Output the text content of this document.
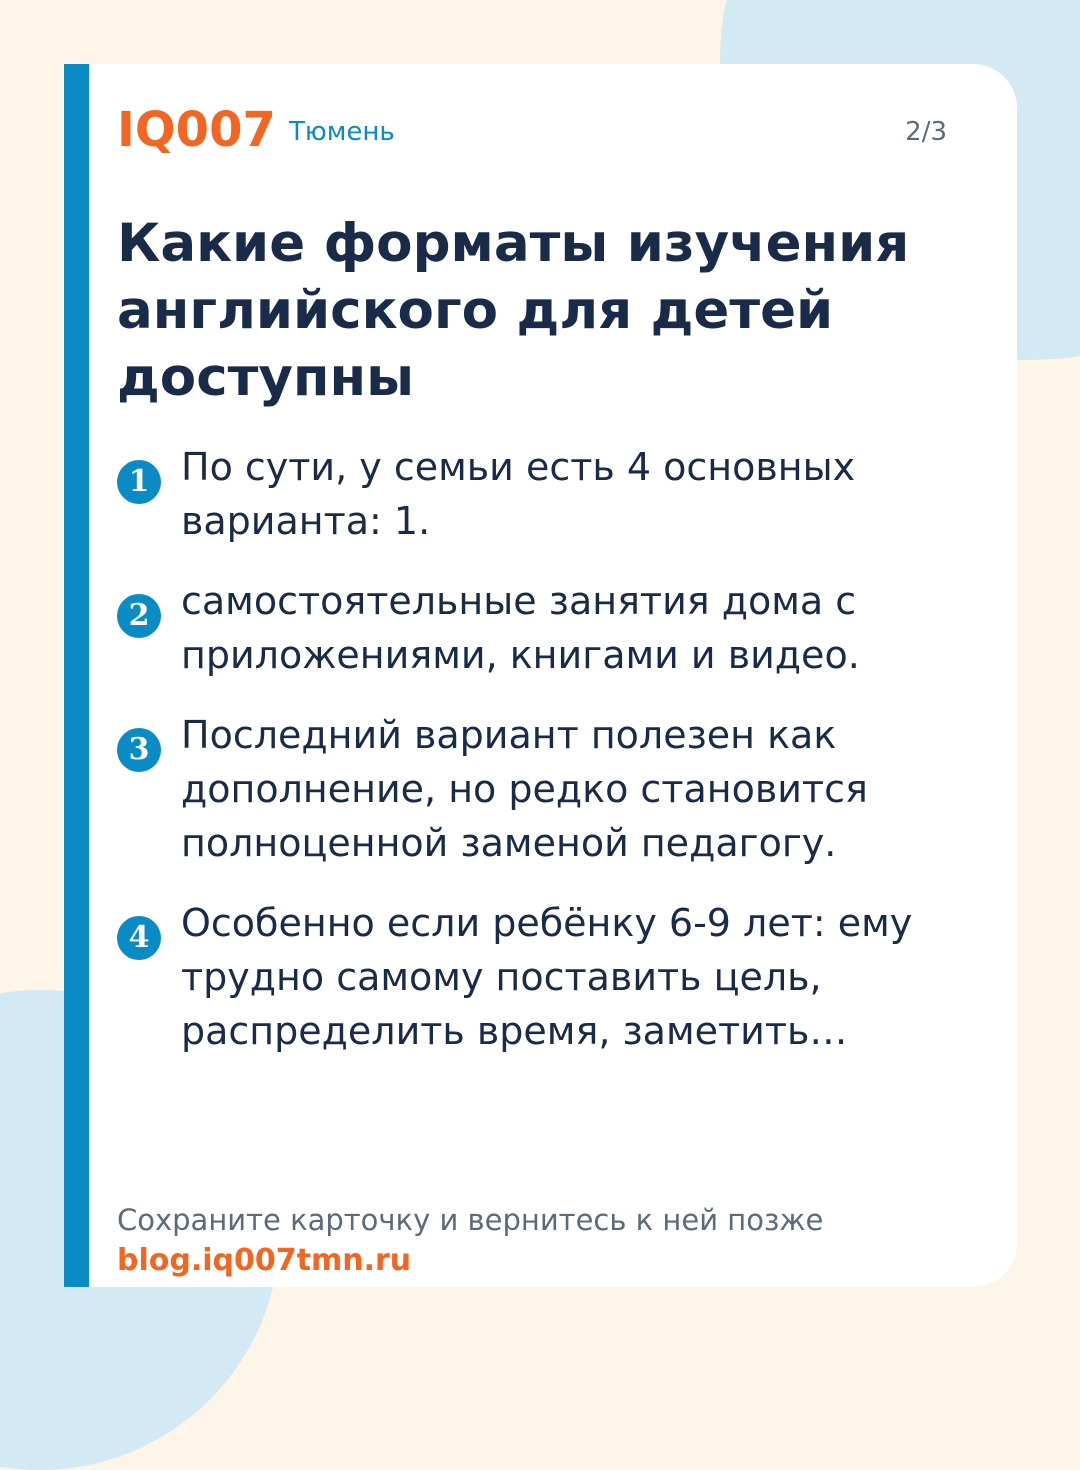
IQ007 Тюмень	2/3
Какие форматы изучения английского для детей доступны
1 По сути, у семьи есть 4 основных варианта: 1.

2 самостоятельные занятия дома с приложениями, книгами и видео.

3 Последний вариант полезен как дополнение, но редко становится полноценной заменой педагогу.

4 Особенно если ребёнку 6-9 лет: ему трудно самому поставить цель, распределить время, заметить…

Сохраните карточку и вернитесь к ней позже
blog.iq007tmn.ru
